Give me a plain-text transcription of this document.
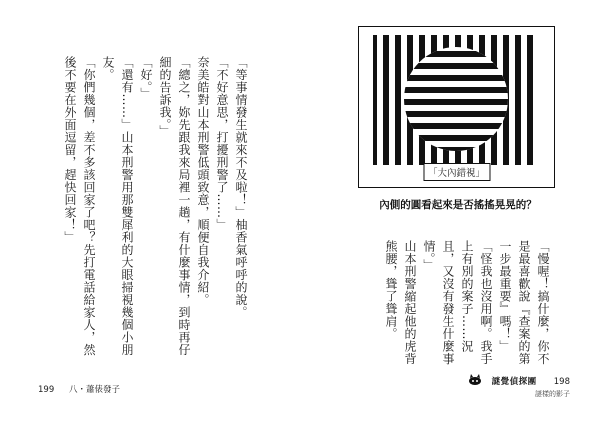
「等事情發生就來不及啦！」柚香氣呼呼的說。
「不好意思，打擾刑警了……」
奈美皓對山本刑警低頭致意，順便自我介紹。
「總之，妳先跟我來局裡一趟，有什麼事情，到時再仔細的告訴我。」
「好。」
「還有……」山本刑警用那雙犀利的大眼掃視幾個小朋友。
「你們幾個，差不多該回家了吧？先打電話給家人，然後不要在外面逗留，趕快回家！」
199 八・蕭俵發子
「大內錯視」
內側的圓看起來是否搖搖晃晃的？
「慢喔！搞什麼，你不是最喜歡說『查案的第一步最重要』嗎！」
「怪我也沒用啊。我手上有別的案子……況且，又沒有發生什麼事情。」
山本刑警縮起他的虎背熊腰，聳了聳肩。
謎覺偵探團 198
謎樣的影子
